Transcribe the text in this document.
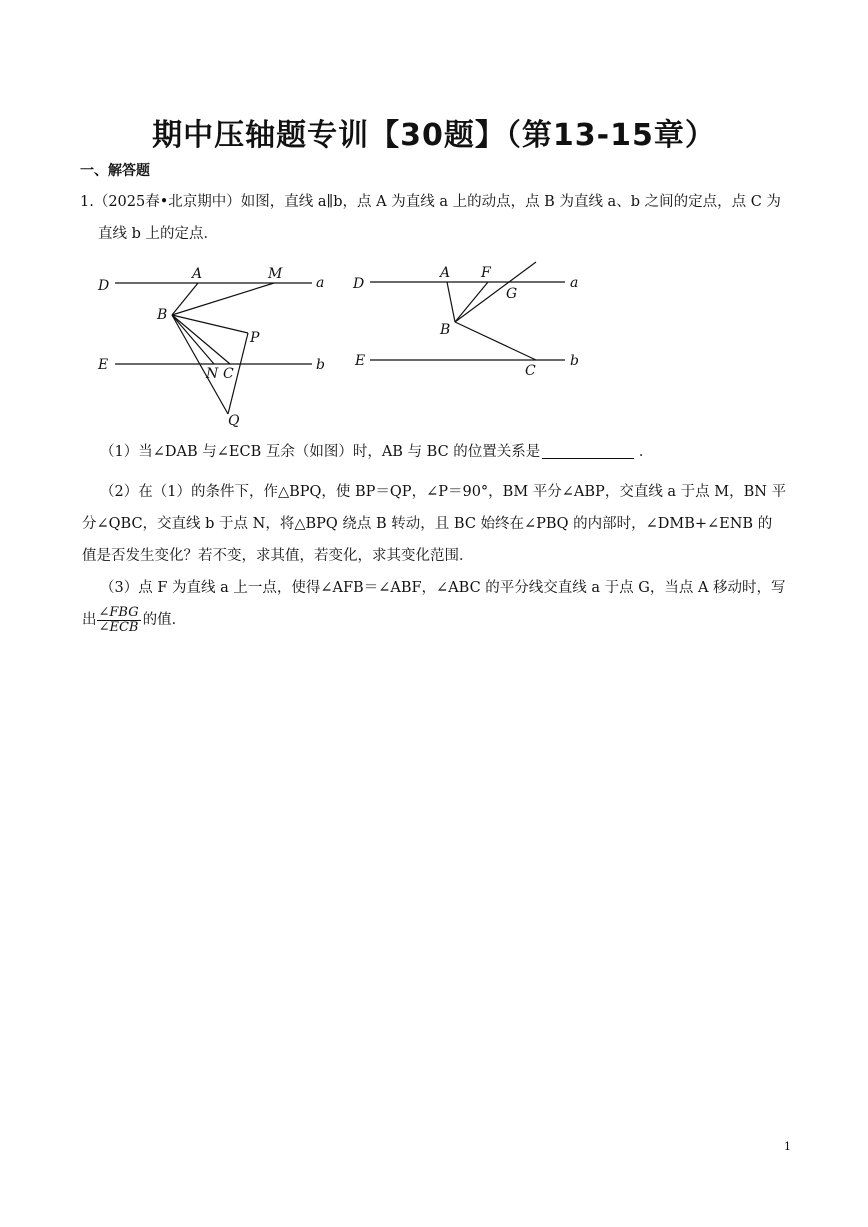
期中压轴题专训【30题】（第13-15章）
一、解答题
1.（2025春•北京期中）如图，直线 a∥b，点 A 为直线 a 上的动点，点 B 为直线 a、b 之间的定点，点 C 为
直线 b 上的定点．
D
A	M
a
B
P
E
N C
b
Q
D
A F
G
a
B
E
C
b
（1）当∠DAB 与∠ECB 互余（如图）时，AB 与 BC 的位置关系是	．
（2）在（1）的条件下，作△BPQ，使 BP＝QP，∠P＝90°，BM 平分∠ABP，交直线 a 于点 M，BN 平
分∠QBC，交直线 b 于点 N，将△BPQ 绕点 B 转动，且 BC 始终在∠PBQ 的内部时，∠DMB+∠ENB 的
值是否发生变化？若不变，求其值，若变化，求其变化范围．
（3）点 F 为直线 a 上一点，使得∠AFB＝∠ABF，∠ABC 的平分线交直线 a 于点 G，当点 A 移动时，写
出 $\frac{\text{∠FBG}}{\text{∠ECB}}$ 的值．
1
